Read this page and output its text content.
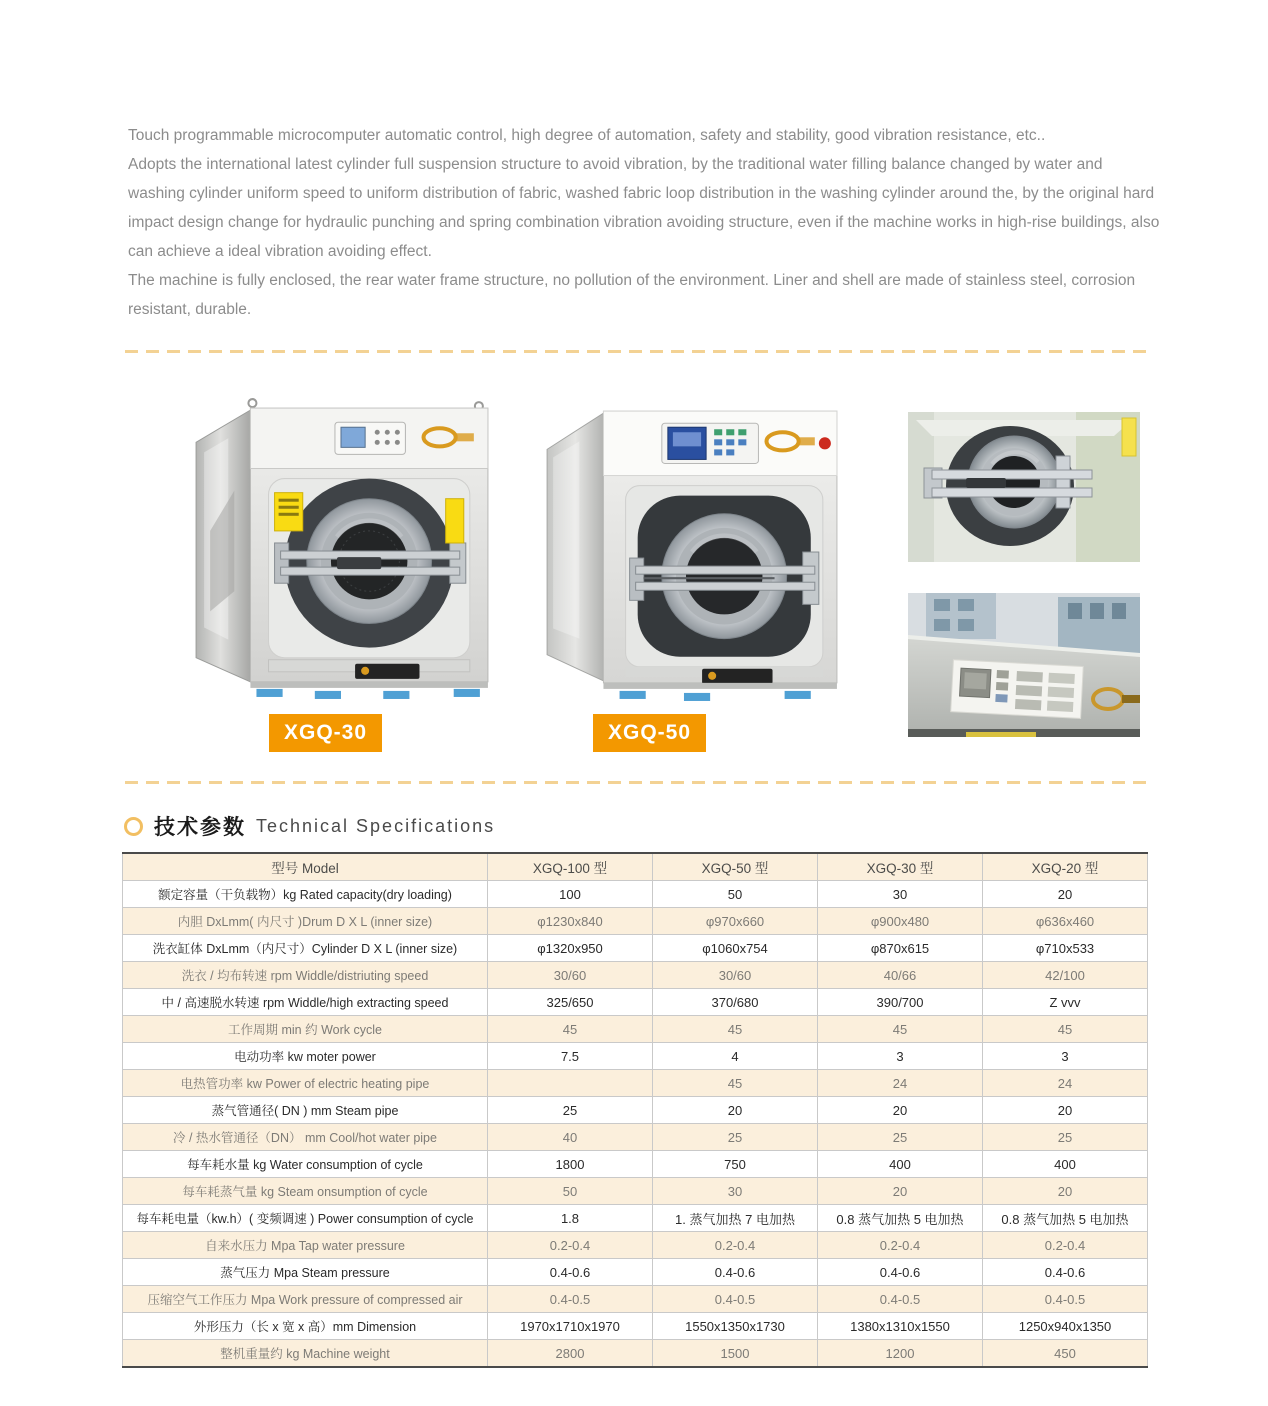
Touch programmable microcomputer automatic control, high degree of automation, safety and stability, good vibration resistance, etc..

Adopts the international latest cylinder full suspension structure to avoid vibration, by the traditional water filling balance changed by water and washing cylinder uniform speed to uniform distribution of fabric, washed fabric loop distribution in the washing cylinder around the, by the original hard impact design change for hydraulic punching and spring combination vibration avoiding structure, even if the machine works in high-rise buildings, also can achieve a ideal vibration avoiding effect.

The machine is fully enclosed, the rear water frame structure, no pollution of the environment. Liner and shell are made of stainless steel, corrosion resistant, durable.

XGQ-30	XGQ-50
技术参数 Technical Specifications
型号 Model	XGQ-100 型	XGQ-50 型	XGQ-30 型	XGQ-20 型
额定容量（干负载物）kg Rated capacity(dry loading)	100	50	30	20
内胆 DxLmm( 内尺寸 )Drum D X L (inner size)	φ1230x840	φ970x660	φ900x480	φ636x460
洗衣缸体 DxLmm（内尺寸）Cylinder D X L (inner size)	φ1320x950	φ1060x754	φ870x615	φ710x533
洗衣 / 均布转速 rpm Widdle/distriuting speed	30/60	30/60	40/66	42/100
中 / 高速脱水转速 rpm Widdle/high extracting speed	325/650	370/680	390/700	Z vvv
工作周期 min 约 Work cycle	45	45	45	45
电动功率 kw moter power	7.5	4	3	3
电热管功率 kw Power of electric heating pipe		45	24	24
蒸气管通径( DN ) mm Steam pipe	25	20	20	20
冷 / 热水管通径（DN） mm Cool/hot water pipe	40	25	25	25
每车耗水量 kg Water consumption of cycle	1800	750	400	400
每车耗蒸气量 kg Steam onsumption of cycle	50	30	20	20
每车耗电量（kw.h）( 变频调速 ) Power consumption of cycle	1.8	1. 蒸气加热 7 电加热	0.8 蒸气加热 5 电加热	0.8 蒸气加热 5 电加热
自来水压力 Mpa Tap water pressure	0.2-0.4	0.2-0.4	0.2-0.4	0.2-0.4
蒸气压力 Mpa Steam pressure	0.4-0.6	0.4-0.6	0.4-0.6	0.4-0.6
压缩空气工作压力 Mpa Work pressure of compressed air	0.4-0.5	0.4-0.5	0.4-0.5	0.4-0.5
外形压力（长 x 宽 x 高）mm Dimension	1970x1710x1970	1550x1350x1730	1380x1310x1550	1250x940x1350
整机重量约 kg Machine weight	2800	1500	1200	450
